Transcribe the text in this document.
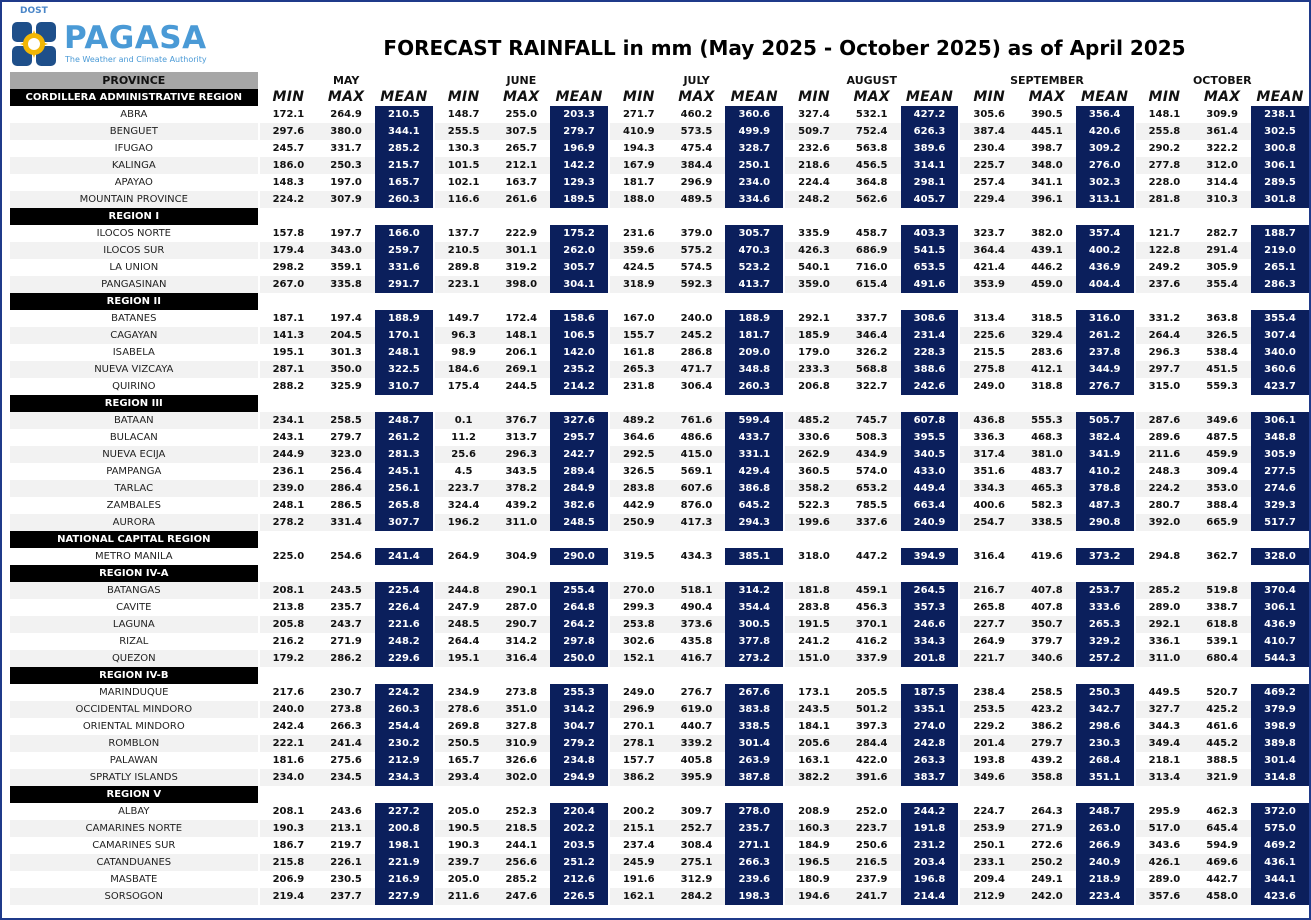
DOST
PAGASA
The Weather and Climate Authority	FORECAST RAINFALL in mm (May 2025 - October 2025) as of April 2025
PROVINCE		MAY				JUNE				JULY				AUGUST				SEPTEMBER				OCTOBER		
CORDILLERA ADMINISTRATIVE REGION		MIN	MAX	MEAN		MIN	MAX	MEAN		MIN	MAX	MEAN		MIN	MAX	MEAN		MIN	MAX	MEAN		MIN	MAX	MEAN
ABRA		172.1	264.9	210.5		148.7	255.0	203.3		271.7	460.2	360.6		327.4	532.1	427.2		305.6	390.5	356.4		148.1	309.9	238.1
BENGUET		297.6	380.0	344.1		255.5	307.5	279.7		410.9	573.5	499.9		509.7	752.4	626.3		387.4	445.1	420.6		255.8	361.4	302.5
IFUGAO		245.7	331.7	285.2		130.3	265.7	196.9		194.3	475.4	328.7		232.6	563.8	389.6		230.4	398.7	309.2		290.2	322.2	300.8
KALINGA		186.0	250.3	215.7		101.5	212.1	142.2		167.9	384.4	250.1		218.6	456.5	314.1		225.7	348.0	276.0		277.8	312.0	306.1
APAYAO		148.3	197.0	165.7		102.1	163.7	129.3		181.7	296.9	234.0		224.4	364.8	298.1		257.4	341.1	302.3		228.0	314.4	289.5
MOUNTAIN PROVINCE		224.2	307.9	260.3		116.6	261.6	189.5		188.0	489.5	334.6		248.2	562.6	405.7		229.4	396.1	313.1		281.8	310.3	301.8
REGION I																								
ILOCOS NORTE		157.8	197.7	166.0		137.7	222.9	175.2		231.6	379.0	305.7		335.9	458.7	403.3		323.7	382.0	357.4		121.7	282.7	188.7
ILOCOS SUR		179.4	343.0	259.7		210.5	301.1	262.0		359.6	575.2	470.3		426.3	686.9	541.5		364.4	439.1	400.2		122.8	291.4	219.0
LA UNION		298.2	359.1	331.6		289.8	319.2	305.7		424.5	574.5	523.2		540.1	716.0	653.5		421.4	446.2	436.9		249.2	305.9	265.1
PANGASINAN		267.0	335.8	291.7		223.1	398.0	304.1		318.9	592.3	413.7		359.0	615.4	491.6		353.9	459.0	404.4		237.6	355.4	286.3
REGION II																								
BATANES		187.1	197.4	188.9		149.7	172.4	158.6		167.0	240.0	188.9		292.1	337.7	308.6		313.4	318.5	316.0		331.2	363.8	355.4
CAGAYAN		141.3	204.5	170.1		96.3	148.1	106.5		155.7	245.2	181.7		185.9	346.4	231.4		225.6	329.4	261.2		264.4	326.5	307.4
ISABELA		195.1	301.3	248.1		98.9	206.1	142.0		161.8	286.8	209.0		179.0	326.2	228.3		215.5	283.6	237.8		296.3	538.4	340.0
NUEVA VIZCAYA		287.1	350.0	322.5		184.6	269.1	235.2		265.3	471.7	348.8		233.3	568.8	388.6		275.8	412.1	344.9		297.7	451.5	360.6
QUIRINO		288.2	325.9	310.7		175.4	244.5	214.2		231.8	306.4	260.3		206.8	322.7	242.6		249.0	318.8	276.7		315.0	559.3	423.7
REGION III																								
BATAAN		234.1	258.5	248.7		0.1	376.7	327.6		489.2	761.6	599.4		485.2	745.7	607.8		436.8	555.3	505.7		287.6	349.6	306.1
BULACAN		243.1	279.7	261.2		11.2	313.7	295.7		364.6	486.6	433.7		330.6	508.3	395.5		336.3	468.3	382.4		289.6	487.5	348.8
NUEVA ECIJA		244.9	323.0	281.3		25.6	296.3	242.7		292.5	415.0	331.1		262.9	434.9	340.5		317.4	381.0	341.9		211.6	459.9	305.9
PAMPANGA		236.1	256.4	245.1		4.5	343.5	289.4		326.5	569.1	429.4		360.5	574.0	433.0		351.6	483.7	410.2		248.3	309.4	277.5
TARLAC		239.0	286.4	256.1		223.7	378.2	284.9		283.8	607.6	386.8		358.2	653.2	449.4		334.3	465.3	378.8		224.2	353.0	274.6
ZAMBALES		248.1	286.5	265.8		324.4	439.2	382.6		442.9	876.0	645.2		522.3	785.5	663.4		400.6	582.3	487.3		280.7	388.4	329.3
AURORA		278.2	331.4	307.7		196.2	311.0	248.5		250.9	417.3	294.3		199.6	337.6	240.9		254.7	338.5	290.8		392.0	665.9	517.7
NATIONAL CAPITAL REGION																								
METRO MANILA		225.0	254.6	241.4		264.9	304.9	290.0		319.5	434.3	385.1		318.0	447.2	394.9		316.4	419.6	373.2		294.8	362.7	328.0
REGION IV-A																								
BATANGAS		208.1	243.5	225.4		244.8	290.1	255.4		270.0	518.1	314.2		181.8	459.1	264.5		216.7	407.8	253.7		285.2	519.8	370.4
CAVITE		213.8	235.7	226.4		247.9	287.0	264.8		299.3	490.4	354.4		283.8	456.3	357.3		265.8	407.8	333.6		289.0	338.7	306.1
LAGUNA		205.8	243.7	221.6		248.5	290.7	264.2		253.8	373.6	300.5		191.5	370.1	246.6		227.7	350.7	265.3		292.1	618.8	436.9
RIZAL		216.2	271.9	248.2		264.4	314.2	297.8		302.6	435.8	377.8		241.2	416.2	334.3		264.9	379.7	329.2		336.1	539.1	410.7
QUEZON		179.2	286.2	229.6		195.1	316.4	250.0		152.1	416.7	273.2		151.0	337.9	201.8		221.7	340.6	257.2		311.0	680.4	544.3
REGION IV-B																								
MARINDUQUE		217.6	230.7	224.2		234.9	273.8	255.3		249.0	276.7	267.6		173.1	205.5	187.5		238.4	258.5	250.3		449.5	520.7	469.2
OCCIDENTAL MINDORO		240.0	273.8	260.3		278.6	351.0	314.2		296.9	619.0	383.8		243.5	501.2	335.1		253.5	423.2	342.7		327.7	425.2	379.9
ORIENTAL MINDORO		242.4	266.3	254.4		269.8	327.8	304.7		270.1	440.7	338.5		184.1	397.3	274.0		229.2	386.2	298.6		344.3	461.6	398.9
ROMBLON		222.1	241.4	230.2		250.5	310.9	279.2		278.1	339.2	301.4		205.6	284.4	242.8		201.4	279.7	230.3		349.4	445.2	389.8
PALAWAN		181.6	275.6	212.9		165.7	326.6	234.8		157.7	405.8	263.9		163.1	422.0	263.3		193.8	439.2	268.4		218.1	388.5	301.4
SPRATLY ISLANDS		234.0	234.5	234.3		293.4	302.0	294.9		386.2	395.9	387.8		382.2	391.6	383.7		349.6	358.8	351.1		313.4	321.9	314.8
REGION V																								
ALBAY		208.1	243.6	227.2		205.0	252.3	220.4		200.2	309.7	278.0		208.9	252.0	244.2		224.7	264.3	248.7		295.9	462.3	372.0
CAMARINES NORTE		190.3	213.1	200.8		190.5	218.5	202.2		215.1	252.7	235.7		160.3	223.7	191.8		253.9	271.9	263.0		517.0	645.4	575.0
CAMARINES SUR		186.7	219.7	198.1		190.3	244.1	203.5		237.4	308.4	271.1		184.9	250.6	231.2		250.1	272.6	266.9		343.6	594.9	469.2
CATANDUANES		215.8	226.1	221.9		239.7	256.6	251.2		245.9	275.1	266.3		196.5	216.5	203.4		233.1	250.2	240.9		426.1	469.6	436.1
MASBATE		206.9	230.5	216.9		205.0	285.2	212.6		191.6	312.9	239.6		180.9	237.9	196.8		209.4	249.1	218.9		289.0	442.7	344.1
SORSOGON		219.4	237.7	227.9		211.6	247.6	226.5		162.1	284.2	198.3		194.6	241.7	214.4		212.9	242.0	223.4		357.6	458.0	423.6
